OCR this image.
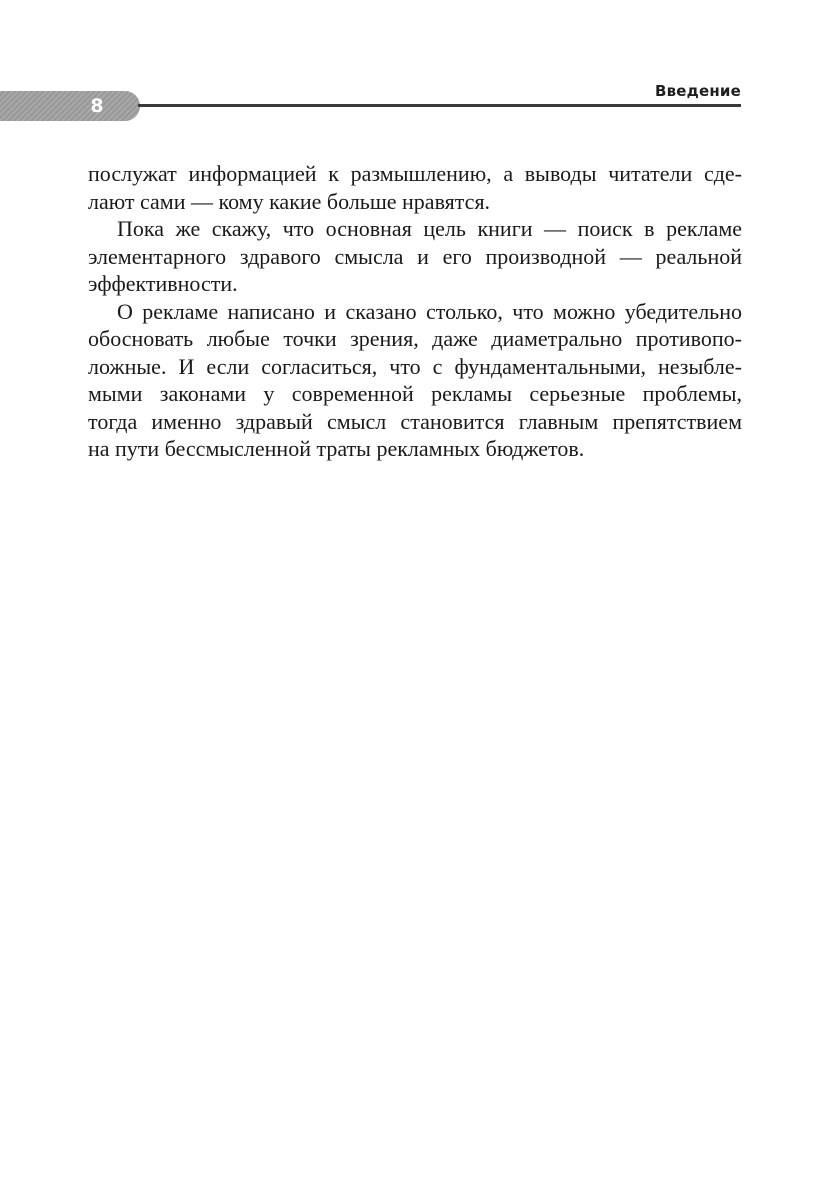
8
Введение
послужат информацией к размышлению, а выводы читатели сде-
лают сами — кому какие больше нравятся.
Пока же скажу, что основная цель книги — поиск в рекламе
элементарного здравого смысла и его производной — реальной
эффективности.
О рекламе написано и сказано столько, что можно убедительно
обосновать любые точки зрения, даже диаметрально противопо-
ложные. И если согласиться, что с фундаментальными, незыбле-
мыми законами у современной рекламы серьезные проблемы,
тогда именно здравый смысл становится главным препятствием
на пути бессмысленной траты рекламных бюджетов.
